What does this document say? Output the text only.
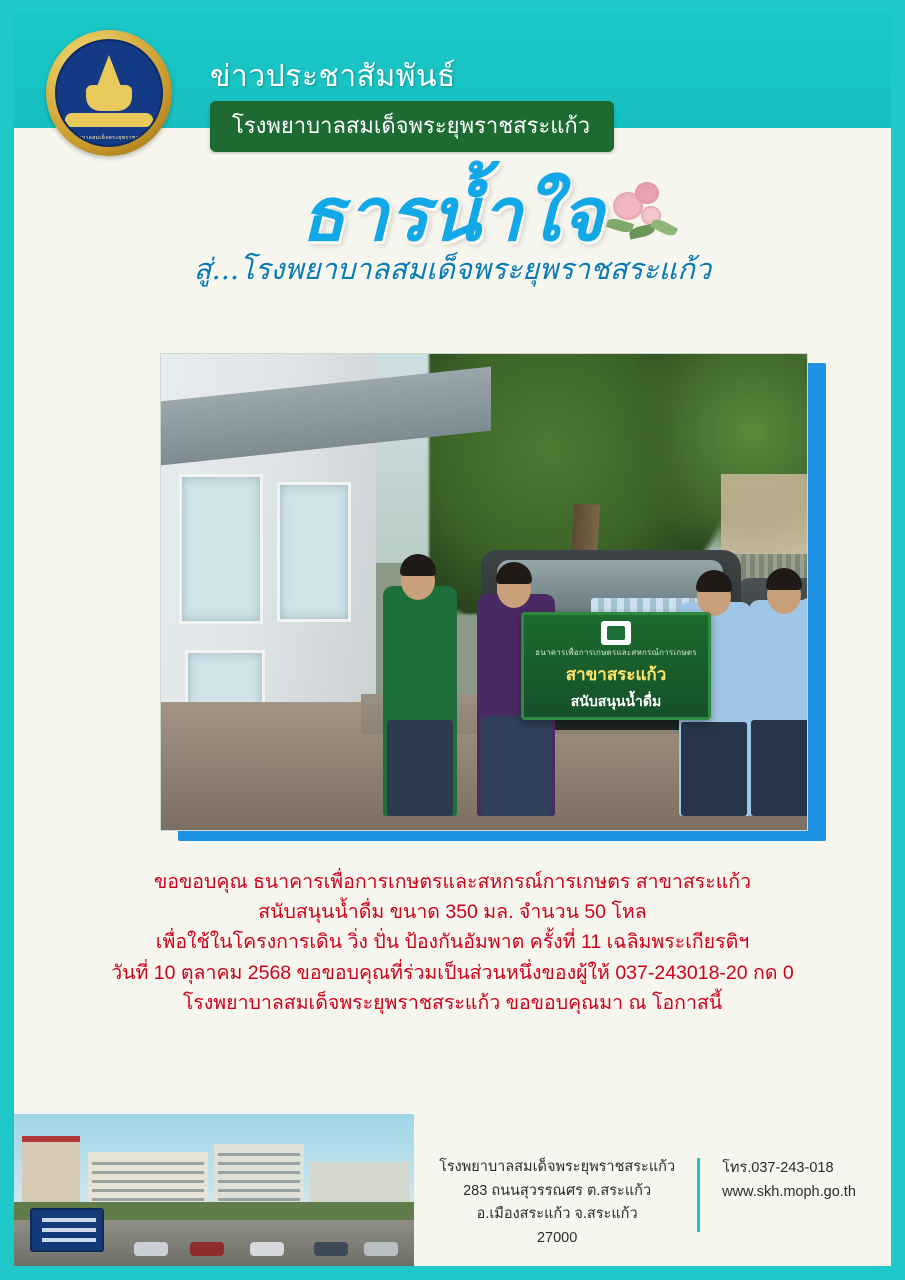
โรงพยาบาลสมเด็จพระยุพราชสระแก้ว
ข่าวประชาสัมพันธ์
โรงพยาบาลสมเด็จพระยุพราชสระแก้ว
ธารน้ำใจ
สู่...โรงพยาบาลสมเด็จพระยุพราชสระแก้ว
ธนาคารเพื่อการเกษตรและสหกรณ์การเกษตร
สาขาสระแก้ว
สนับสนุนน้ำดื่ม
ขอขอบคุณ ธนาคารเพื่อการเกษตรและสหกรณ์การเกษตร สาขาสระแก้ว
สนับสนุนน้ำดื่ม ขนาด 350 มล. จำนวน 50 โหล
เพื่อใช้ในโครงการเดิน วิ่ง ปั่น ป้องกันอัมพาต ครั้งที่ 11 เฉลิมพระเกียรติฯ
วันที่ 10 ตุลาคม 2568 ขอขอบคุณที่ร่วมเป็นส่วนหนึ่งของผู้ให้ 037-243018-20 กด 0
โรงพยาบาลสมเด็จพระยุพราชสระแก้ว ขอขอบคุณมา ณ โอกาสนี้
โรงพยาบาลสมเด็จพระยุพราชสระแก้ว
283 ถนนสุวรรณศร ต.สระแก้ว
อ.เมืองสระแก้ว จ.สระแก้ว
27000
โทร.037-243-018
www.skh.moph.go.th
